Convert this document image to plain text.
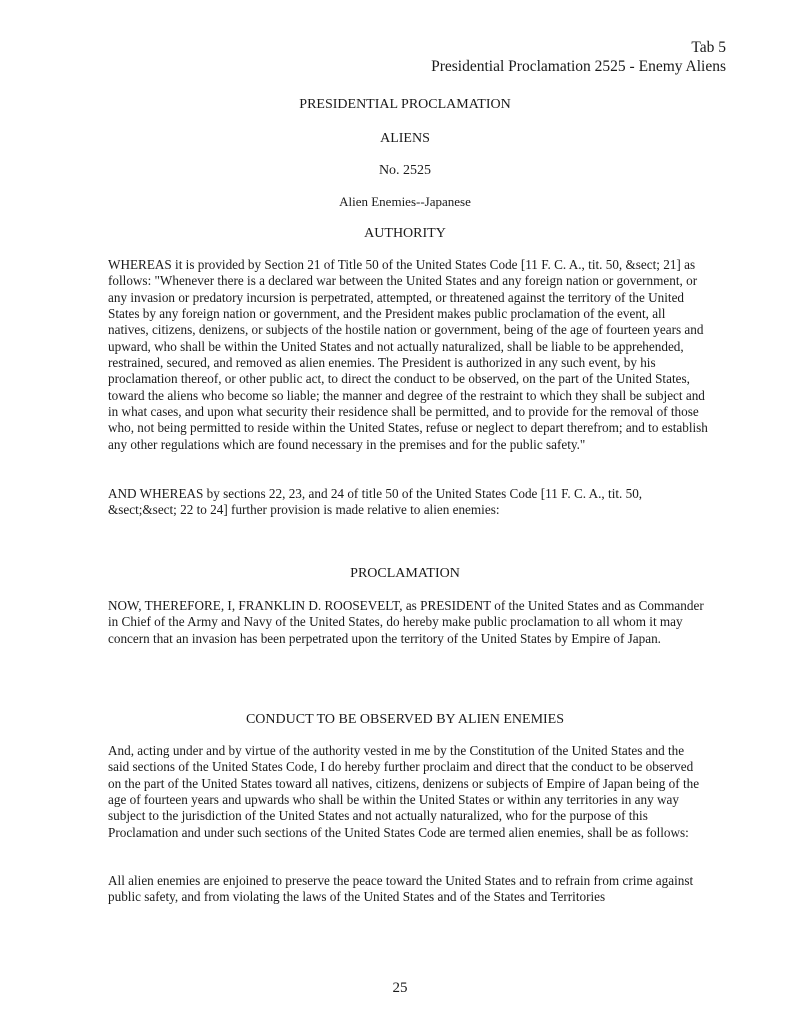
Tab 5
Presidential Proclamation 2525 - Enemy Aliens
PRESIDENTIAL PROCLAMATION
ALIENS
No. 2525
Alien Enemies--Japanese
AUTHORITY

WHEREAS it is provided by Section 21 of Title 50 of the United States Code [11 F. C. A., tit. 50, &sect; 21] as follows: "Whenever there is a declared war between the United States and any foreign nation or government, or any invasion or predatory incursion is perpetrated, attempted, or threatened against the territory of the United States by any foreign nation or government, and the President makes public proclamation of the event, all natives, citizens, denizens, or subjects of the hostile nation or government, being of the age of fourteen years and upward, who shall be within the United States and not actually naturalized, shall be liable to be apprehended, restrained, secured, and removed as alien enemies. The President is authorized in any such event, by his proclamation thereof, or other public act, to direct the conduct to be observed, on the part of the United States, toward the aliens who become so liable; the manner and degree of the restraint to which they shall be subject and in what cases, and upon what security their residence shall be permitted, and to provide for the removal of those who, not being permitted to reside within the United States, refuse or neglect to depart therefrom; and to establish any other regulations which are found necessary in the premises and for the public safety."

AND WHEREAS by sections 22, 23, and 24 of title 50 of the United States Code [11 F. C. A., tit. 50, &sect;&sect; 22 to 24] further provision is made relative to alien enemies:

PROCLAMATION

NOW, THEREFORE, I, FRANKLIN D. ROOSEVELT, as PRESIDENT of the United States and as Commander in Chief of the Army and Navy of the United States, do hereby make public proclamation to all whom it may concern that an invasion has been perpetrated upon the territory of the United States by Empire of Japan.

CONDUCT TO BE OBSERVED BY ALIEN ENEMIES

And, acting under and by virtue of the authority vested in me by the Constitution of the United States and the said sections of the United States Code, I do hereby further proclaim and direct that the conduct to be observed on the part of the United States toward all natives, citizens, denizens or subjects of Empire of Japan being of the age of fourteen years and upwards who shall be within the United States or within any territories in any way subject to the jurisdiction of the United States and not actually naturalized, who for the purpose of this Proclamation and under such sections of the United States Code are termed alien enemies, shall be as follows:

All alien enemies are enjoined to preserve the peace toward the United States and to refrain from crime against public safety, and from violating the laws of the United States and of the States and Territories

25
